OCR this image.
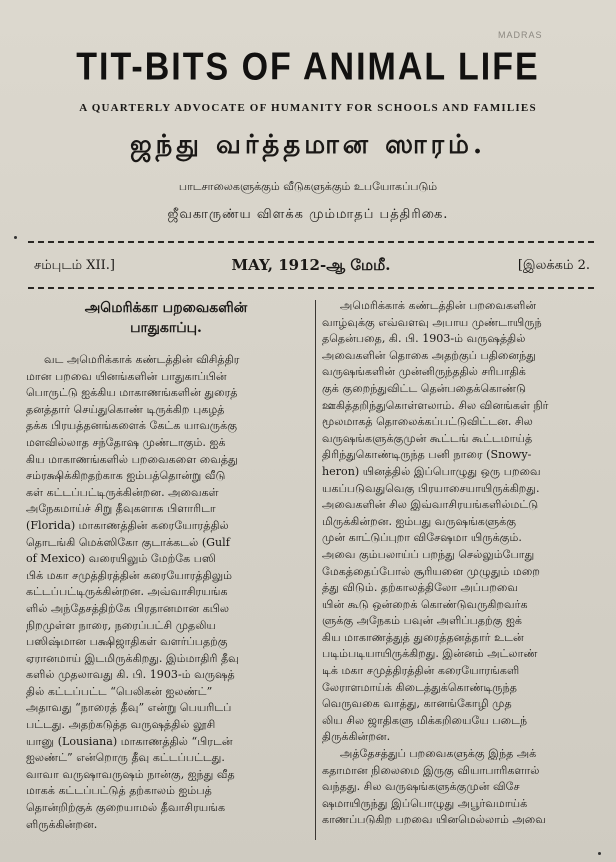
MADRAS
TIT-BITS OF ANIMAL LIFE
A QUARTERLY ADVOCATE OF HUMANITY FOR SCHOOLS AND FAMILIES
ஜந்து வர்த்தமான ஸாரம்.
பாடசாலைகளுக்கும் வீடுகளுக்கும் உபயோகப்படும்
ஜீவகாருண்ய விளக்க மும்மாதப் பத்திரிகை.
சம்புடம் XII.]	MAY, 1912-ஆ மேமீ.	[இலக்கம் 2.
அமெரிக்கா பறவைகளின்
பாதுகாப்பு.
வட அமெரிக்காக் கண்டத்தின் விசித்திர
மான பறவை யினங்களின் பாதுகாப்பின்
பொருட்டு ஐக்கிய மாகாணங்களின் துரைத்
தனத்தார் செய்துகொண் டிருக்கிற புகழத்
தக்க பிரயத்தனங்களைக் கேட்க யாவருக்கு
மளவில்லாத சந்தோஷ முண்டாகும். ஐக்
கிய மாகாணங்களில் பறவைகளை வைத்து
சம்ரக்ஷிக்கிறதற்காக ஐம்பத்தொன்று வீடு
கள் கட்டப்பட்டிருக்கின்றன. அவைகள்
அநேகமாய்ச் சிறு தீவுகளாக பிளாரிடா
(Florida) மாகாணத்தின் கரையோரத்தில்
தொடங்கி மெக்ஸிகோ குடாக்கடல் (Gulf
of Mexico) வரையிலும் மேற்கே பஸி
பிக் மகா சமுத்திரத்தின் கரையோரத்திலும்
கட்டப்பட்டிருக்கின்றன. அவ்வாசிரயங்க
ளில் அந்தேசத்திற்கே பிரதானமான கபில
நிறமுள்ள நாரை, நரைப்பட்சி முதலிய
பஸிஷ்மான பக்ஷிஜாதிகள் வளர்ப்பதற்கு
ஏரானமாய் இடமிருக்கிறது. இம்மாதிரி தீவு
களில் முதலாவது கி. பி. 1903-ம் வருஷத்
தில் கட்டப்பட்ட “பெலிகன் ஐலண்ட்”
அதாவது “நாரைத் தீவு” என்று பெயரிடப்
பட்டது. அதற்கடுத்த வருஷத்தில் லூசி
யானு (Lousiana) மாகாணத்தில் “பிரடன்
ஐலண்ட்” என்றொரு தீவு கட்டப்பட்டது.
வாவா வருஷாவருஷம் நான்கு, ஐந்து வீத
மாகக் கட்டப்பட்டுத் தற்காலம் ஐம்பத்
தொன்றிற்குக் குறையாமல் தீவாசிரயங்க
ளிருக்கின்றன.
அமெரிக்காக் கண்டத்தின் பறவைகளின்
வாழ்வுக்கு எவ்வளவு அபாய முண்டாயிருந்
ததென்பதை, கி. பி. 1903-ம் வருஷத்தில்
அவைகளின் தொகை அதற்குப் பதினைந்து
வருஷங்களின் முன்னிருந்ததில் சரிபாதிக்
குக் குறைந்துவிட்ட தென்பதைக்கொண்டு
ஊகித்தறிந்துகொள்ளலாம். சில வினங்கள் நிர்
மூலமாகத் தொலைக்கப்பட்டுவிட்டன. சில
வருஷங்களுக்குமுன் கூட்டங் கூட்டமாய்த்
திரிந்துகொண்டிருந்த பனி நாரை (Snowy-
heron) யினத்தில் இப்பொழுது ஒரு பறவை
யகப்படுவதுவெகு பிரயாசையாயிருக்கிறது.
அவைகளின் சில இவ்வாசிரயங்களில்மட்டு
மிருக்கின்றன. ஐம்பது வருஷங்களுக்கு
முன் காட்டுப்புறா விசேஷமா யிருக்கும்.
அவை கும்பலாய்ப் பறந்து செல்லும்போது
மேகத்தைப்போல் சூரியனை முழுதும் மறை
த்து விடும். தற்காலத்திலோ அப்பறவை
யின் கூடு ஒன்றைக் கொண்டுவருகிறவர்க
ளுக்கு அநேகம் பவுன் அளிப்பதற்கு ஐக்
கிய மாகாணத்துத் துரைத்தனத்தார் உடன்
படிம்படியாயிருக்கிறது. இன்னம் அட்லாண்
டிக் மகா சமுத்திரத்தின் கரையோரங்களி
லேராளமாய்க் கிடைத்துக்கொண்டிருந்த
வெருவகை வாத்து, கானங்கோழி முத
லிய சில ஜாதிகளு மிக்கறியையே படைந்
திருக்கின்றன.
அத்தேசத்துப் பறவைகளுக்கு இந்த அக்
கதாமான நிலைமை இருகு வியாபாரிகளால்
வந்தது. சில வருஷங்களுக்குமுன் விசே
ஷமாயிருந்து இப்பொழுது அபூர்வமாய்க்
காணப்படுகிற பறவை யினமெல்லாம் அவை
